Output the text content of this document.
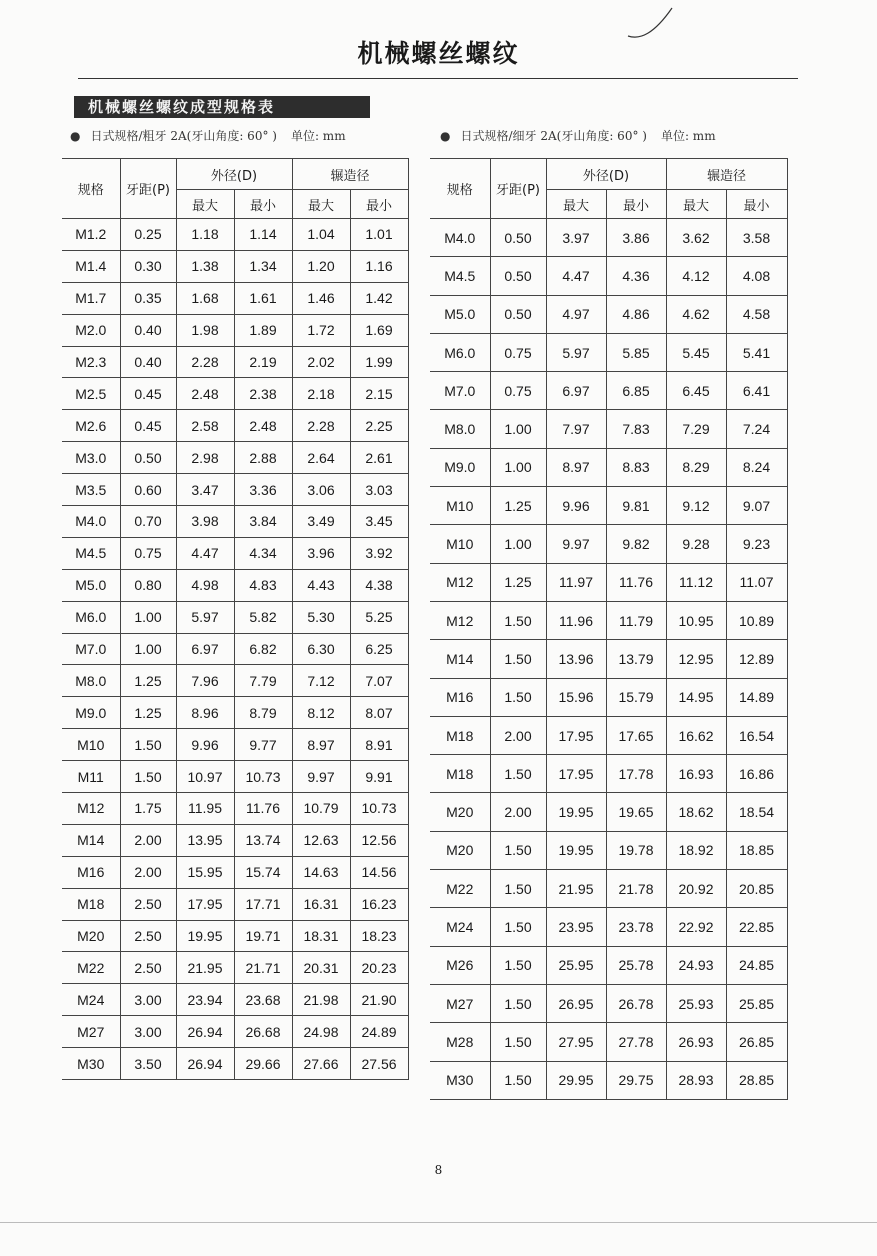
机械螺丝螺纹
机械螺丝螺纹成型规格表
● 日式规格/粗牙 2A(牙山角度: 60° ) 单位: mm	● 日式规格/细牙 2A(牙山角度: 60° ) 单位: mm
规格	牙距(P)	外径(D)		辗造径	
		最大	最小	最大	最小
M1.2	0.25	1.18	1.14	1.04	1.01
M1.4	0.30	1.38	1.34	1.20	1.16
M1.7	0.35	1.68	1.61	1.46	1.42
M2.0	0.40	1.98	1.89	1.72	1.69
M2.3	0.40	2.28	2.19	2.02	1.99
M2.5	0.45	2.48	2.38	2.18	2.15
M2.6	0.45	2.58	2.48	2.28	2.25
M3.0	0.50	2.98	2.88	2.64	2.61
M3.5	0.60	3.47	3.36	3.06	3.03
M4.0	0.70	3.98	3.84	3.49	3.45
M4.5	0.75	4.47	4.34	3.96	3.92
M5.0	0.80	4.98	4.83	4.43	4.38
M6.0	1.00	5.97	5.82	5.30	5.25
M7.0	1.00	6.97	6.82	6.30	6.25
M8.0	1.25	7.96	7.79	7.12	7.07
M9.0	1.25	8.96	8.79	8.12	8.07
M10	1.50	9.96	9.77	8.97	8.91
M11	1.50	10.97	10.73	9.97	9.91
M12	1.75	11.95	11.76	10.79	10.73
M14	2.00	13.95	13.74	12.63	12.56
M16	2.00	15.95	15.74	14.63	14.56
M18	2.50	17.95	17.71	16.31	16.23
M20	2.50	19.95	19.71	18.31	18.23
M22	2.50	21.95	21.71	20.31	20.23
M24	3.00	23.94	23.68	21.98	21.90
M27	3.00	26.94	26.68	24.98	24.89
M30	3.50	26.94	29.66	27.66	27.56
规格	牙距(P)	外径(D)		辗造径	
		最大	最小	最大	最小
M4.0	0.50	3.97	3.86	3.62	3.58
M4.5	0.50	4.47	4.36	4.12	4.08
M5.0	0.50	4.97	4.86	4.62	4.58
M6.0	0.75	5.97	5.85	5.45	5.41
M7.0	0.75	6.97	6.85	6.45	6.41
M8.0	1.00	7.97	7.83	7.29	7.24
M9.0	1.00	8.97	8.83	8.29	8.24
M10	1.25	9.96	9.81	9.12	9.07
M10	1.00	9.97	9.82	9.28	9.23
M12	1.25	11.97	11.76	11.12	11.07
M12	1.50	11.96	11.79	10.95	10.89
M14	1.50	13.96	13.79	12.95	12.89
M16	1.50	15.96	15.79	14.95	14.89
M18	2.00	17.95	17.65	16.62	16.54
M18	1.50	17.95	17.78	16.93	16.86
M20	2.00	19.95	19.65	18.62	18.54
M20	1.50	19.95	19.78	18.92	18.85
M22	1.50	21.95	21.78	20.92	20.85
M24	1.50	23.95	23.78	22.92	22.85
M26	1.50	25.95	25.78	24.93	24.85
M27	1.50	26.95	26.78	25.93	25.85
M28	1.50	27.95	27.78	26.93	26.85
M30	1.50	29.95	29.75	28.93	28.85
8
